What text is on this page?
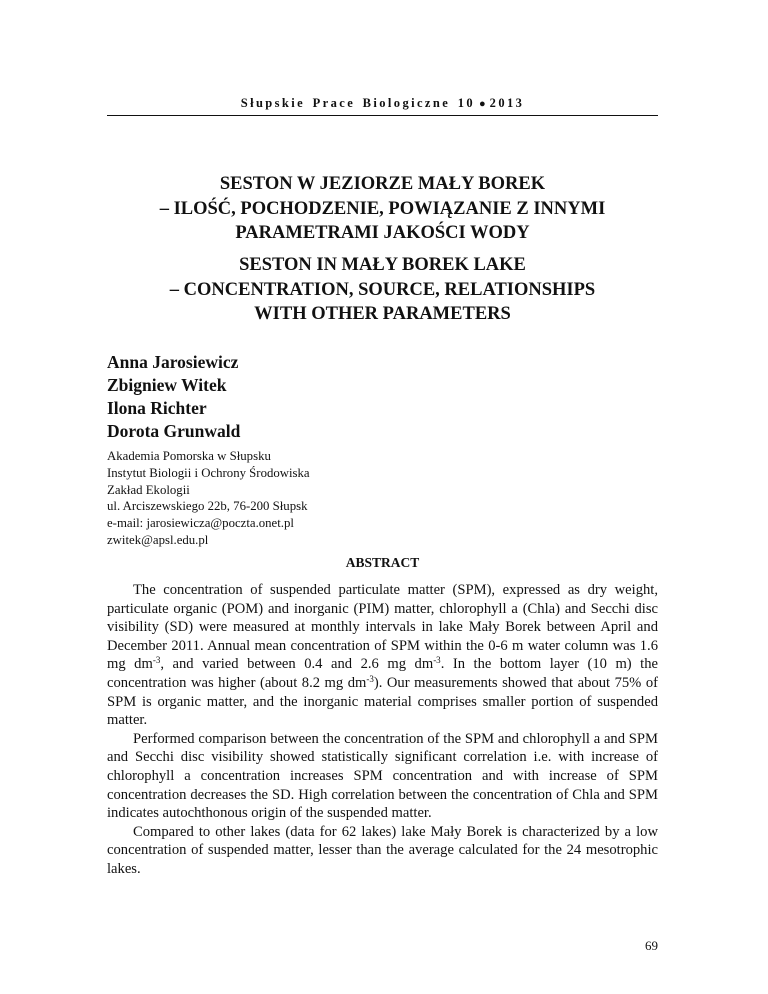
Słupskie Prace Biologiczne 10 ● 2013
SESTON W JEZIORZE MAŁY BOREK
– ILOŚĆ, POCHODZENIE, POWIĄZANIE Z INNYMI
PARAMETRAMI JAKOŚCI WODY
SESTON IN MAŁY BOREK LAKE
– CONCENTRATION, SOURCE, RELATIONSHIPS
WITH OTHER PARAMETERS
Anna Jarosiewicz
Zbigniew Witek
Ilona Richter
Dorota Grunwald
Akademia Pomorska w Słupsku
Instytut Biologii i Ochrony Środowiska
Zakład Ekologii
ul. Arciszewskiego 22b, 76-200 Słupsk
e-mail: jarosiewicza@poczta.onet.pl
zwitek@apsl.edu.pl
ABSTRACT

The concentration of suspended particulate matter (SPM), expressed as dry weight, particulate organic (POM) and inorganic (PIM) matter, chlorophyll a (Chla) and Secchi disc visibility (SD) were measured at monthly intervals in lake Mały Borek between April and December 2011. Annual mean concentration of SPM within the 0-6 m water column was 1.6 mg $dm^{-3}$, and varied between 0.4 and 2.6 mg $dm^{-3}$. In the bottom layer (10 m) the concentration was higher (about 8.2 mg $dm^{-3}$). Our measurements showed that about 75% of SPM is organic matter, and the inorganic material comprises smaller portion of suspended matter.

Performed comparison between the concentration of the SPM and chlorophyll a and SPM and Secchi disc visibility showed statistically significant correlation i.e. with increase of chlorophyll a concentration increases SPM concentration and with increase of SPM concentration decreases the SD. High correlation between the concentration of Chla and SPM indicates autochthonous origin of the suspended matter.

Compared to other lakes (data for 62 lakes) lake Mały Borek is characterized by a low concentration of suspended matter, lesser than the average calculated for the 24 mesotrophic lakes.

69
